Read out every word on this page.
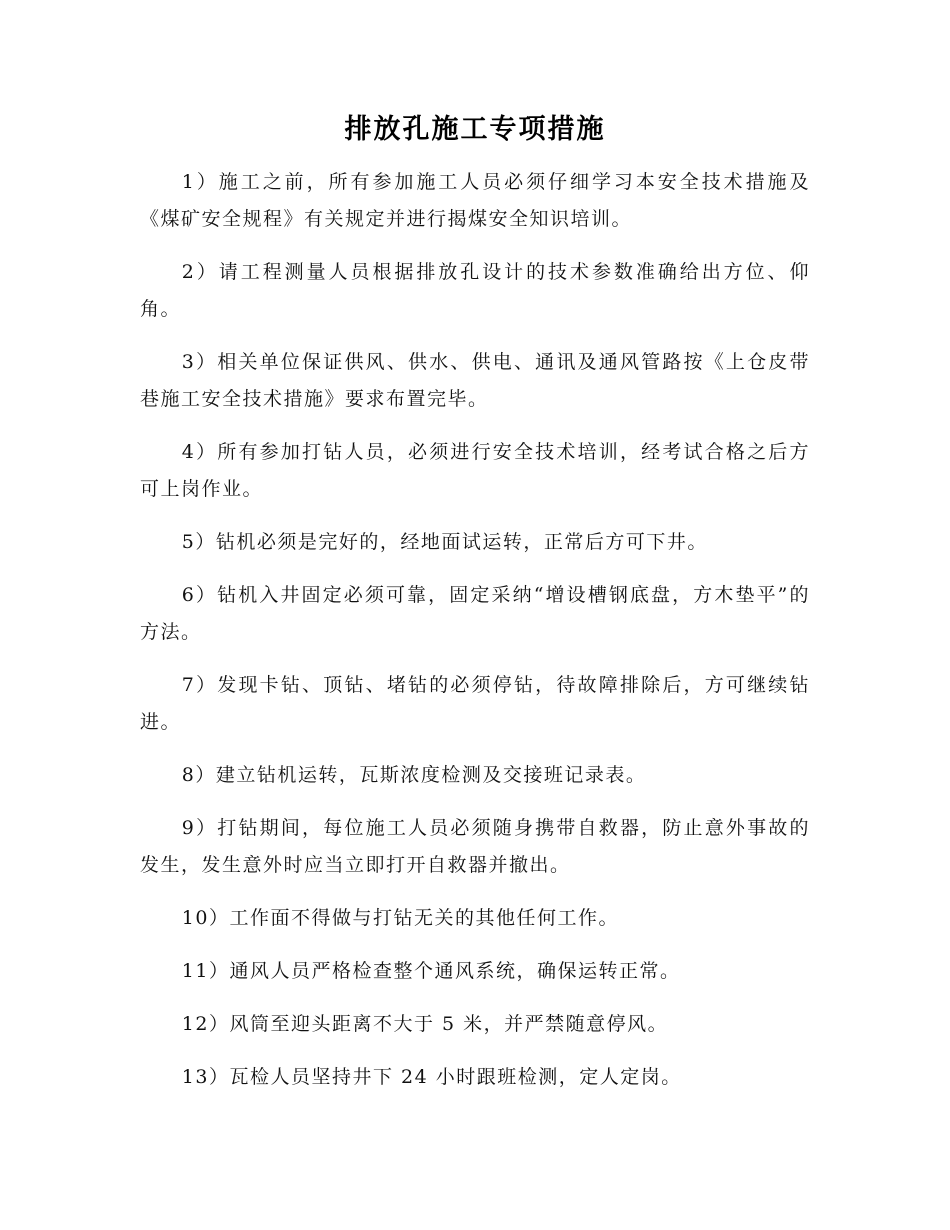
排放孔施工专项措施

1）施工之前，所有参加施工人员必须仔细学习本安全技术措施及《煤矿安全规程》有关规定并进行揭煤安全知识培训。

2）请工程测量人员根据排放孔设计的技术参数准确给出方位、仰角。

3）相关单位保证供风、供水、供电、通讯及通风管路按《上仓皮带巷施工安全技术措施》要求布置完毕。

4）所有参加打钻人员，必须进行安全技术培训，经考试合格之后方可上岗作业。

5）钻机必须是完好的，经地面试运转，正常后方可下井。

6）钻机入井固定必须可靠，固定采纳“增设槽钢底盘，方木垫平”的方法。

7）发现卡钻、顶钻、堵钻的必须停钻，待故障排除后，方可继续钻进。

8）建立钻机运转，瓦斯浓度检测及交接班记录表。

9）打钻期间，每位施工人员必须随身携带自救器，防止意外事故的发生，发生意外时应当立即打开自救器并撤出。

10）工作面不得做与打钻无关的其他任何工作。

11）通风人员严格检查整个通风系统，确保运转正常。

12）风筒至迎头距离不大于 5 米，并严禁随意停风。

13）瓦检人员坚持井下 24 小时跟班检测，定人定岗。
